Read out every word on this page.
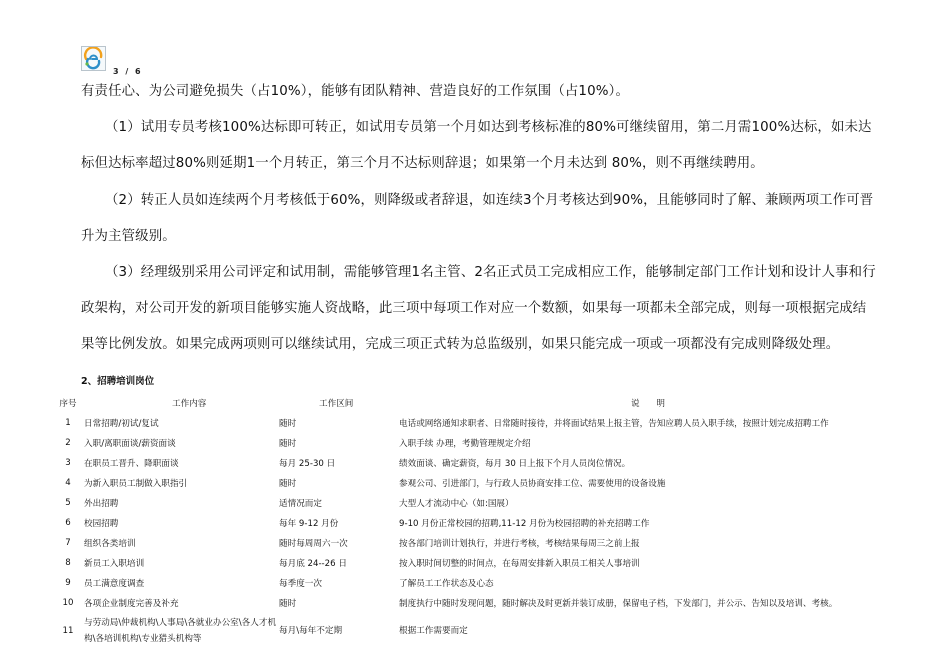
3 / 6

有责任心、为公司避免损失（占10%），能够有团队精神、营造良好的工作氛围（占10%）。

（1）试用专员考核100%达标即可转正，如试用专员第一个月如达到考核标准的80%可继续留用，第二月需100%达标，如未达

标但达标率超过80%则延期1一个月转正，第三个月不达标则辞退；如果第一个月未达到 80%，则不再继续聘用。

（2）转正人员如连续两个月考核低于60%，则降级或者辞退，如连续3个月考核达到90%，且能够同时了解、兼顾两项工作可晋

升为主管级别。

（3）经理级别采用公司评定和试用制，需能够管理1名主管、2名正式员工完成相应工作，能够制定部门工作计划和设计人事和行

政架构，对公司开发的新项目能够实施人资战略，此三项中每项工作对应一个数额，如果每一项都未全部完成，则每一项根据完成结

果等比例发放。如果完成两项则可以继续试用，完成三项正式转为总监级别，如果只能完成一项或一项都没有完成则降级处理。

2、招聘培训岗位
序号	工作内容	工作区间	说 明
1	日常招聘/初试/复试	随时	电话或网络通知求职者、日常随时接待，并将面试结果上报主管，告知应聘人员入职手续，按照计划完成招聘工作
2	入职/离职面谈/薪资面谈	随时	入职手续 办理，考勤管理规定介绍
3	在职员工晋升、降职面谈	每月 25-30 日	绩效面谈、确定薪资，每月 30 日上报下个月人员岗位情况。
4	为新入职员工制做入职指引	随时	参观公司、引进部门，与行政人员协商安排工位、需要使用的设备设施
5	外出招聘	适情况而定	大型人才流动中心（如:国展）
6	校园招聘	每年 9-12 月份	9-10 月份正常校园的招聘,11-12 月份为校园招聘的补充招聘工作
7	组织各类培训	随时每周周六一次	按各部门培训计划执行，并进行考核，考核结果每周三之前上报
8	新员工入职培训	每月底 24--26 日	按入职时间切整的时间点，在每周安排新入职员工相关人事培训
9	员工满意度调查	每季度一次	了解员工工作状态及心态
10	各项企业制度完善及补充	随时	制度执行中随时发现问题，随时解决及时更新并装订成册，保留电子档，下发部门，并公示、告知以及培训、考核。
11	与劳动局\仲裁机构\人事局\各就业办公室\各人才机构\各培训机构\专业猎头机构等	每月\每年不定期	根据工作需要而定
